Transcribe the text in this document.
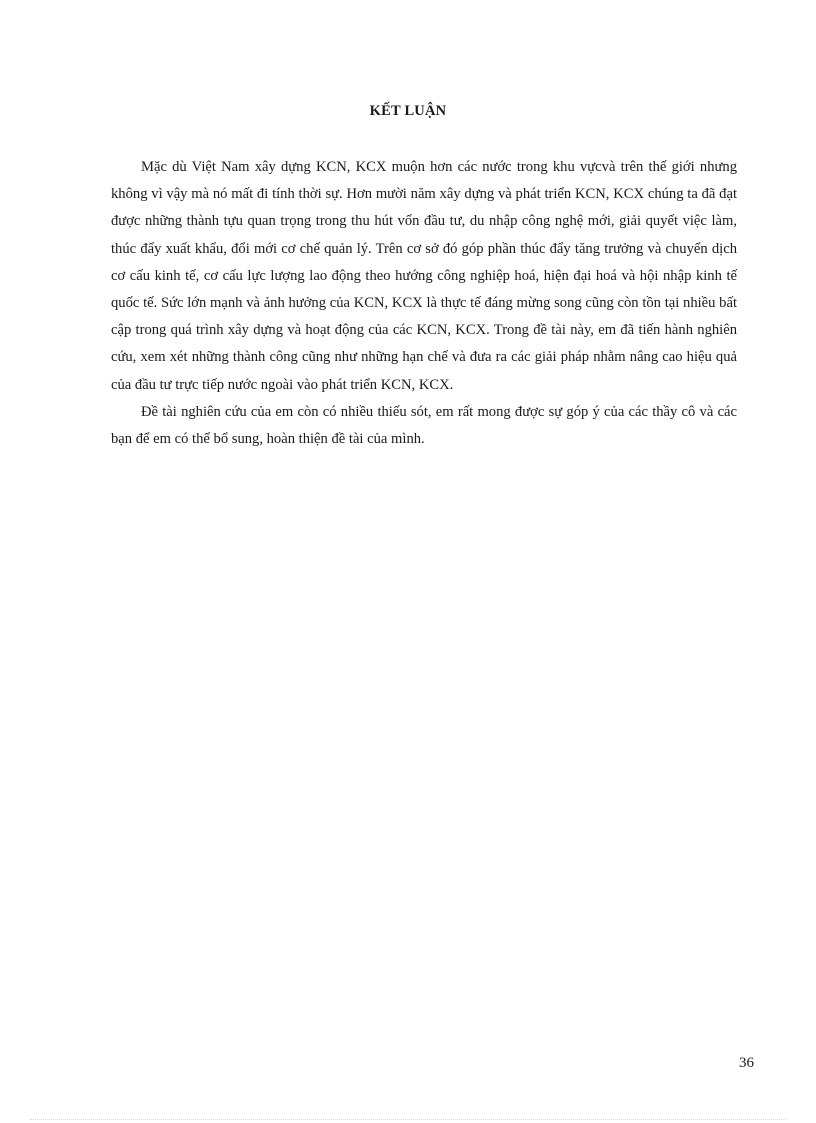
KẾT LUẬN

Mặc dù Việt Nam xây dựng KCN, KCX muộn hơn các nước trong khu vựcvà trên thế giới nhưng không vì vậy mà nó mất đi tính thời sự. Hơn mười năm xây dựng và phát triển KCN, KCX chúng ta đã đạt được những thành tựu quan trọng trong thu hút vốn đầu tư, du nhập công nghệ mới, giải quyết việc làm, thúc đẩy xuất khẩu, đổi mới cơ chế quản lý. Trên cơ sở đó góp phần thúc đẩy tăng trưởng và chuyển dịch cơ cấu kinh tế, cơ cấu lực lượng lao động theo hướng công nghiệp hoá, hiện đại hoá và hội nhập kinh tế quốc tế. Sức lớn mạnh và ảnh hưởng của KCN, KCX là thực tế đáng mừng song cũng còn tồn tại nhiều bất cập trong quá trình xây dựng và hoạt động của các KCN, KCX. Trong đề tài này, em đã tiến hành nghiên cứu, xem xét những thành công cũng như những hạn chế và đưa ra các giải pháp nhằm nâng cao hiệu quả của đầu tư trực tiếp nước ngoài vào phát triển KCN, KCX.

Đề tài nghiên cứu của em còn có nhiều thiếu sót, em rất mong được sự góp ý của các thầy cô và các bạn để em có thể bổ sung, hoàn thiện đề tài của mình.

36
